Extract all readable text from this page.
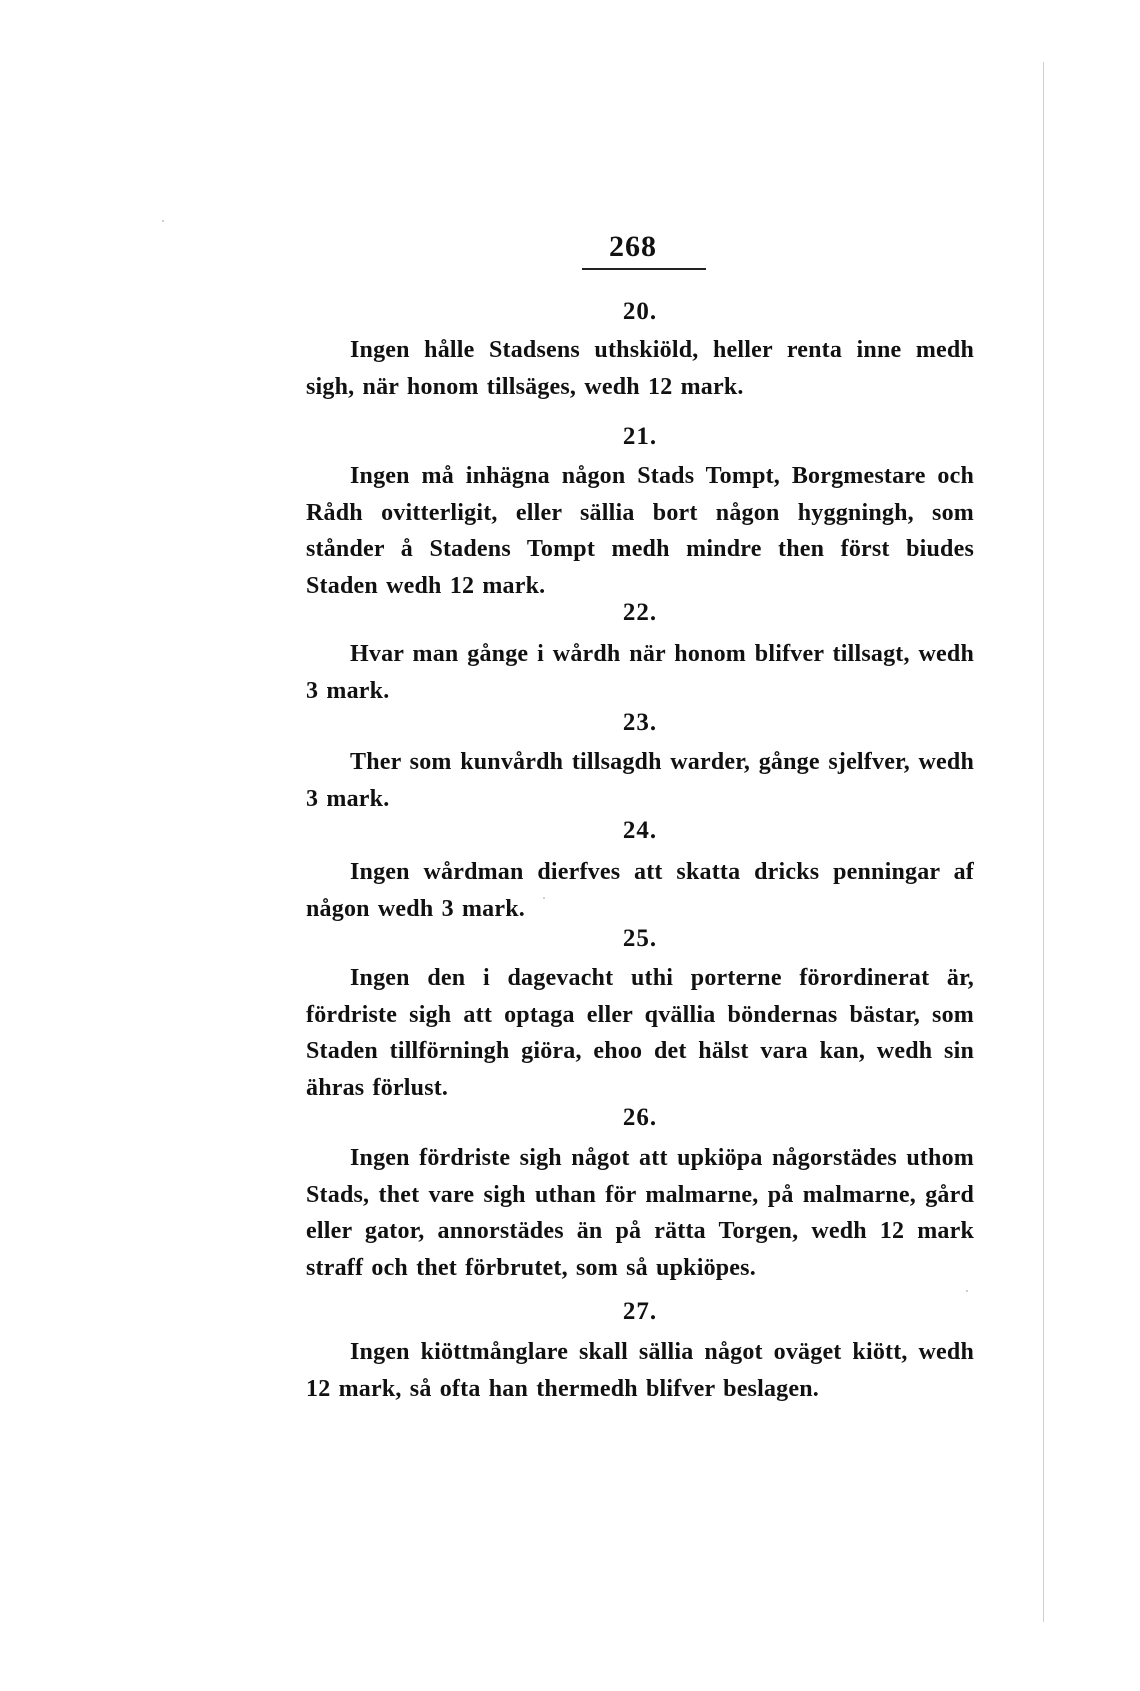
268
20.
Ingen hålle Stadsens uthskiöld, heller renta inne medh sigh, när honom tillsäges, wedh 12 mark.
21.
Ingen må inhägna någon Stads Tompt, Borgmestare och Rådh ovitterligit, eller sällia bort någon hyggningh, som stånder å Stadens Tompt medh mindre then först biudes Staden wedh 12 mark.
22.
Hvar man gånge i wårdh när honom blifver tillsagt, wedh 3 mark.
23.
Ther som kunvårdh tillsagdh warder, gånge sjelfver, wedh 3 mark.
24.
Ingen wårdman dierfves att skatta dricks penningar af någon wedh 3 mark.
25.
Ingen den i dagevacht uthi porterne förordinerat är, fördriste sigh att optaga eller qvällia böndernas bästar, som Staden tillförningh giöra, ehoo det hälst vara kan, wedh sin ähras förlust.
26.
Ingen fördriste sigh något att upkiöpa någorstädes uthom Stads, thet vare sigh uthan för malmarne, på malmarne, gård eller gator, annorstädes än på rätta Torgen, wedh 12 mark straff och thet förbrutet, som så upkiöpes.
27.
Ingen kiöttmånglare skall sällia något oväget kiött, wedh 12 mark, så ofta han thermedh blifver beslagen.
